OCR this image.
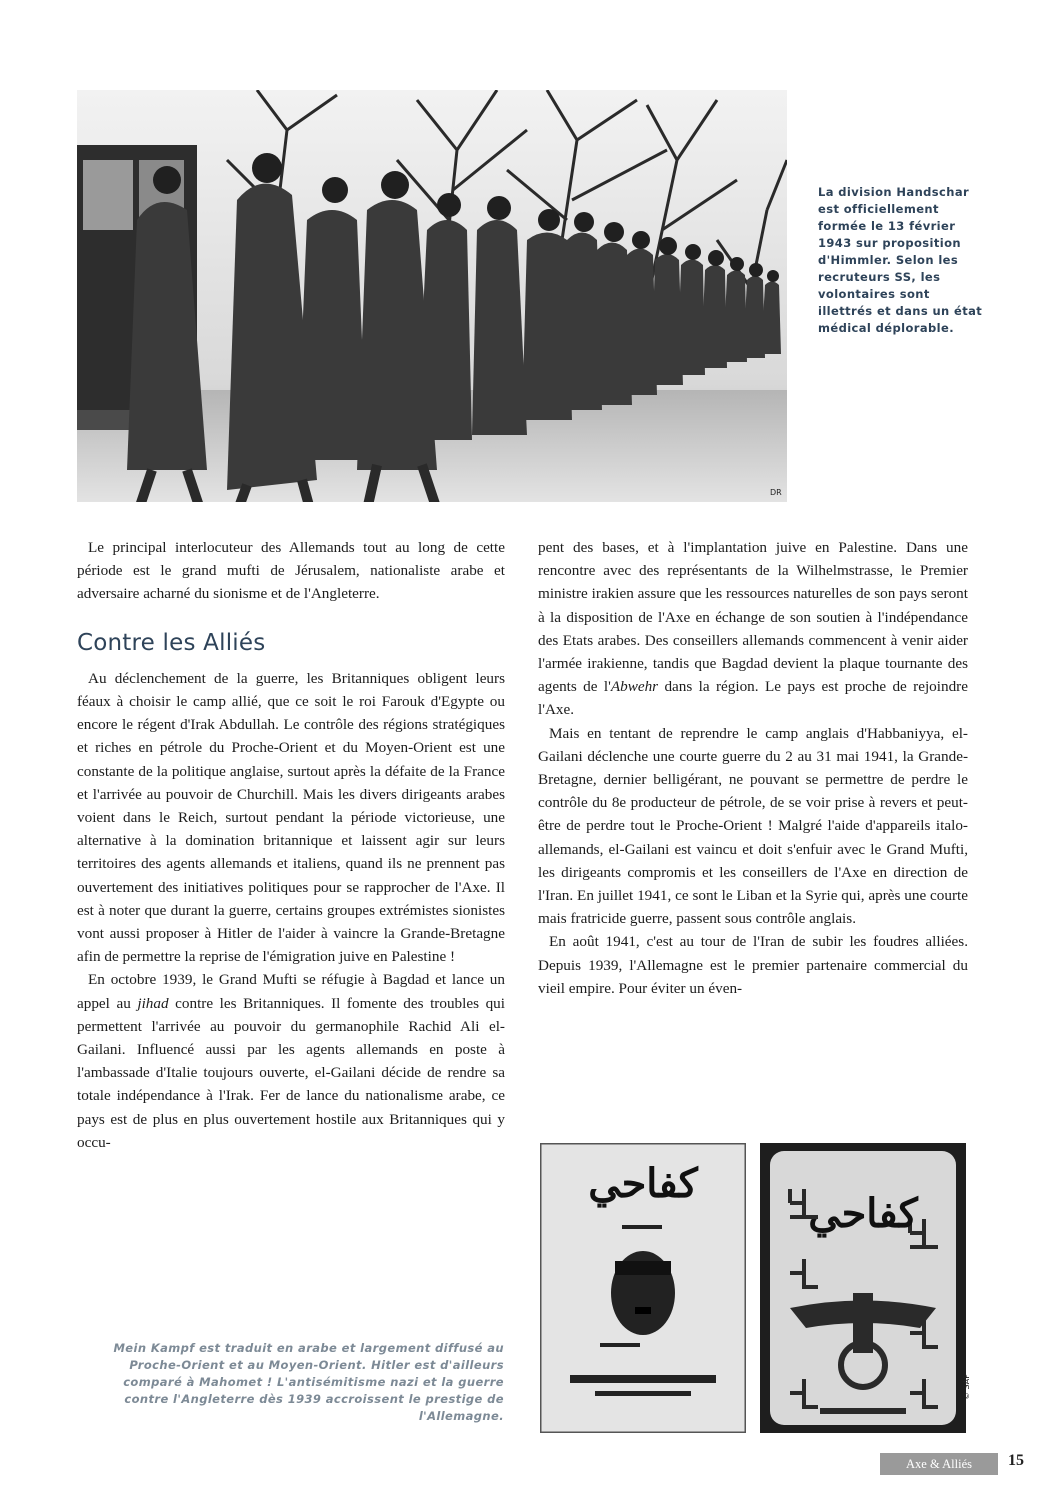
DR
La division Handschar est officiellement formée le 13 février 1943 sur proposition d'Himmler. Selon les recruteurs SS, les volontaires sont illettrés et dans un état médical déplorable.

Le principal interlocuteur des Allemands tout au long de cette période est le grand mufti de Jérusalem, nationaliste arabe et adversaire acharné du sionisme et de l'Angleterre.

Contre les Alliés

Au déclenchement de la guerre, les Britanniques obligent leurs féaux à choisir le camp allié, que ce soit le roi Farouk d'Egypte ou encore le régent d'Irak Abdullah. Le contrôle des régions stratégiques et riches en pétrole du Proche-Orient et du Moyen-Orient est une constante de la politique anglaise, surtout après la défaite de la France et l'arrivée au pouvoir de Churchill. Mais les divers dirigeants arabes voient dans le Reich, surtout pendant la période victorieuse, une alternative à la domination britannique et laissent agir sur leurs territoires des agents allemands et italiens, quand ils ne prennent pas ouvertement des initiatives politiques pour se rapprocher de l'Axe. Il est à noter que durant la guerre, certains groupes extrémistes sionistes vont aussi proposer à Hitler de l'aider à vaincre la Grande-Bretagne afin de permettre la reprise de l'émigration juive en Palestine !

En octobre 1939, le Grand Mufti se réfugie à Bagdad et lance un appel au jihad contre les Britanniques. Il fomente des troubles qui permettent l'arrivée au pouvoir du germanophile Rachid Ali el-Gailani. Influencé aussi par les agents allemands en poste à l'ambassade d'Italie toujours ouverte, el-Gailani décide de rendre sa totale indépendance à l'Irak. Fer de lance du nationalisme arabe, ce pays est de plus en plus ouvertement hostile aux Britanniques qui y occu-

pent des bases, et à l'implantation juive en Palestine. Dans une rencontre avec des représentants de la Wilhelmstrasse, le Premier ministre irakien assure que les ressources naturelles de son pays seront à la disposition de l'Axe en échange de son soutien à l'indépendance des Etats arabes. Des conseillers allemands commencent à venir aider l'armée irakienne, tandis que Bagdad devient la plaque tournante des agents de l'Abwehr dans la région. Le pays est proche de rejoindre l'Axe.

Mais en tentant de reprendre le camp anglais d'Habbaniyya, el-Gailani déclenche une courte guerre du 2 au 31 mai 1941, la Grande-Bretagne, dernier belligérant, ne pouvant se permettre de perdre le contrôle du 8e producteur de pétrole, de se voir prise à revers et peut-être de perdre tout le Proche-Orient ! Malgré l'aide d'appareils italo-allemands, el-Gailani est vaincu et doit s'enfuir avec le Grand Mufti, les dirigeants compromis et les conseillers de l'Axe en direction de l'Iran. En juillet 1941, ce sont le Liban et la Syrie qui, après une courte mais fratricide guerre, passent sous contrôle anglais.

En août 1941, c'est au tour de l'Iran de subir les foudres alliées. Depuis 1939, l'Allemagne est le premier partenaire commercial du vieil empire. Pour éviter un éven-

كفاحي
كفاحي
© SAP
Mein Kampf est traduit en arabe et largement diffusé au Proche-Orient et au Moyen-Orient. Hitler est d'ailleurs comparé à Mahomet ! L'antisémitisme nazi et la guerre contre l'Angleterre dès 1939 accroissent le prestige de l'Allemagne.
Axe & Alliés	15
